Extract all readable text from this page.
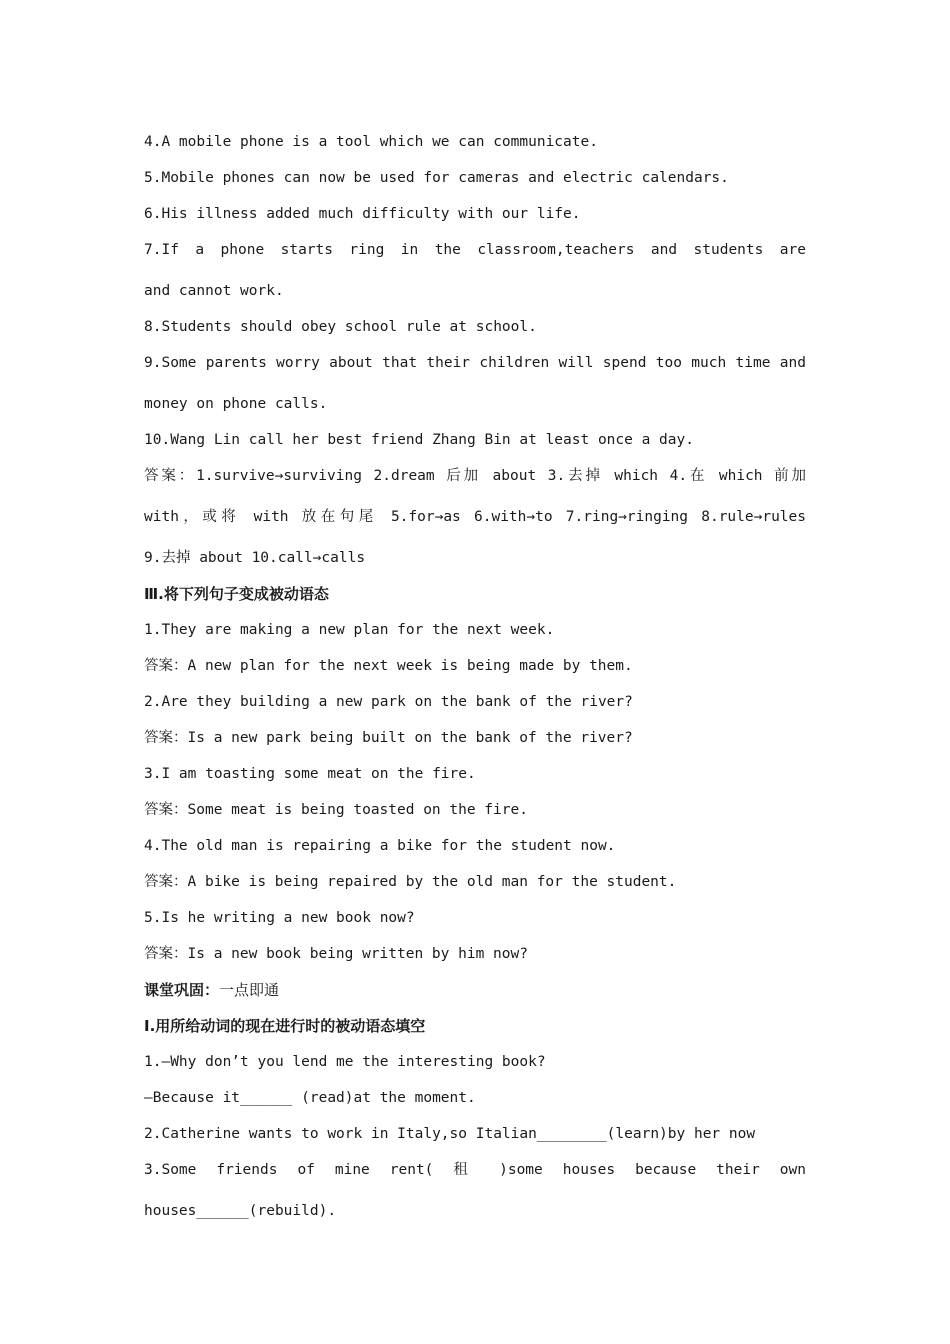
4.A mobile phone is a tool which we can communicate.
5.Mobile phones can now be used for cameras and electric calendars.
6.His illness added much difficulty with our life.
7.If a phone starts ring in the classroom,teachers and students are
and cannot work.
8.Students should obey school rule at school.
9.Some parents worry about that their children will spend too much time and
money on phone calls.
10.Wang Lin call her best friend Zhang Bin at least once a day.
答案：1.survive→surviving 2.dream 后加 about 3.去掉 which 4.在 which 前加
with，或将 with 放在句尾 5.for→as 6.with→to 7.ring→ringing 8.rule→rules
9.去掉 about 10.call→calls
Ⅲ.将下列句子变成被动语态
1.They are making a new plan for the next week.
答案：A new plan for the next week is being made by them.
2.Are they building a new park on the bank of the river?
答案：Is a new park being built on the bank of the river?
3.I am toasting some meat on the fire.
答案：Some meat is being toasted on the fire.
4.The old man is repairing a bike for the student now.
答案：A bike is being repaired by the old man for the student.
5.Is he writing a new book now?
答案：Is a new book being written by him now?
课堂巩固：一点即通
Ⅰ.用所给动词的现在进行时的被动语态填空
1.—Why don’t you lend me the interesting book?
—Because it______ (read)at the moment.
2.Catherine wants to work in Italy,so Italian________(learn)by her now
3.Some friends of mine rent( 租 )some houses because their own
houses______(rebuild).
